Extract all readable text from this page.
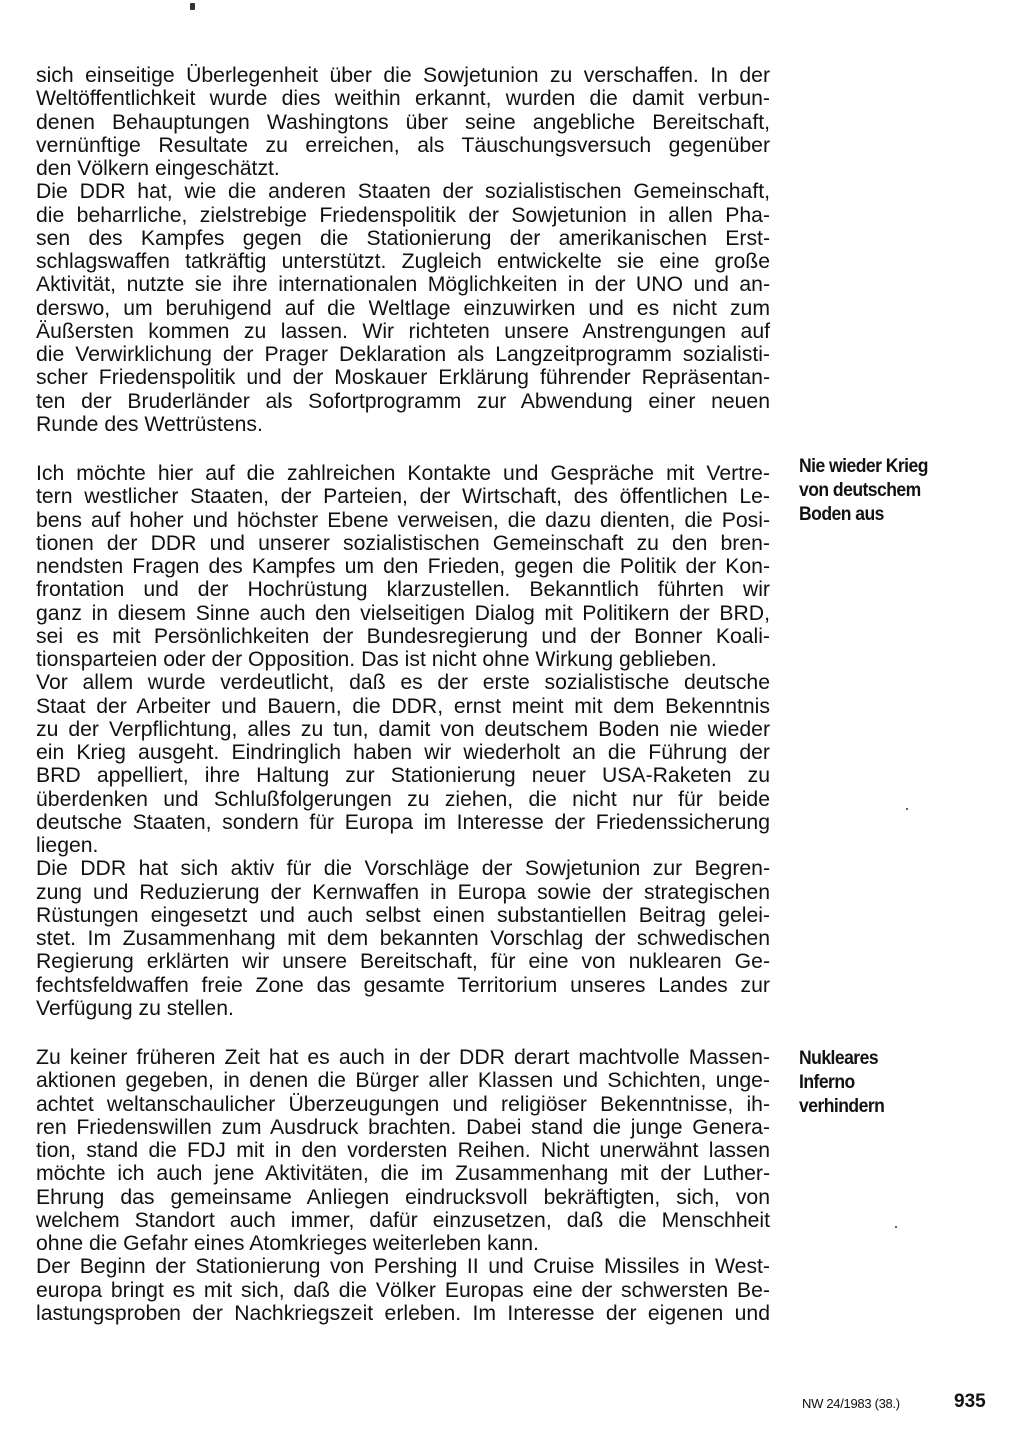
sich einseitige Überlegenheit über die Sowjetunion zu verschaffen. In der
Weltöffentlichkeit wurde dies weithin erkannt, wurden die damit verbun-
denen Behauptungen Washingtons über seine angebliche Bereitschaft,
vernünftige Resultate zu erreichen, als Täuschungsversuch gegenüber
den Völkern eingeschätzt.
Die DDR hat, wie die anderen Staaten der sozialistischen Gemeinschaft,
die beharrliche, zielstrebige Friedenspolitik der Sowjetunion in allen Pha-
sen des Kampfes gegen die Stationierung der amerikanischen Erst-
schlagswaffen tatkräftig unterstützt. Zugleich entwickelte sie eine große
Aktivität, nutzte sie ihre internationalen Möglichkeiten in der UNO und an-
derswo, um beruhigend auf die Weltlage einzuwirken und es nicht zum
Äußersten kommen zu lassen. Wir richteten unsere Anstrengungen auf
die Verwirklichung der Prager Deklaration als Langzeitprogramm sozialisti-
scher Friedenspolitik und der Moskauer Erklärung führender Repräsentan-
ten der Bruderländer als Sofortprogramm zur Abwendung einer neuen
Runde des Wettrüstens.
Ich möchte hier auf die zahlreichen Kontakte und Gespräche mit Vertre-
tern westlicher Staaten, der Parteien, der Wirtschaft, des öffentlichen Le-
bens auf hoher und höchster Ebene verweisen, die dazu dienten, die Posi-
tionen der DDR und unserer sozialistischen Gemeinschaft zu den bren-
nendsten Fragen des Kampfes um den Frieden, gegen die Politik der Kon-
frontation und der Hochrüstung klarzustellen. Bekanntlich führten wir
ganz in diesem Sinne auch den vielseitigen Dialog mit Politikern der BRD,
sei es mit Persönlichkeiten der Bundesregierung und der Bonner Koali-
tionsparteien oder der Opposition. Das ist nicht ohne Wirkung geblieben.
Vor allem wurde verdeutlicht, daß es der erste sozialistische deutsche
Staat der Arbeiter und Bauern, die DDR, ernst meint mit dem Bekenntnis
zu der Verpflichtung, alles zu tun, damit von deutschem Boden nie wieder
ein Krieg ausgeht. Eindringlich haben wir wiederholt an die Führung der
BRD appelliert, ihre Haltung zur Stationierung neuer USA-Raketen zu
überdenken und Schlußfolgerungen zu ziehen, die nicht nur für beide
deutsche Staaten, sondern für Europa im Interesse der Friedenssicherung
liegen.
Die DDR hat sich aktiv für die Vorschläge der Sowjetunion zur Begren-
zung und Reduzierung der Kernwaffen in Europa sowie der strategischen
Rüstungen eingesetzt und auch selbst einen substantiellen Beitrag gelei-
stet. Im Zusammenhang mit dem bekannten Vorschlag der schwedischen
Regierung erklärten wir unsere Bereitschaft, für eine von nuklearen Ge-
fechtsfeldwaffen freie Zone das gesamte Territorium unseres Landes zur
Verfügung zu stellen.
Zu keiner früheren Zeit hat es auch in der DDR derart machtvolle Massen-
aktionen gegeben, in denen die Bürger aller Klassen und Schichten, unge-
achtet weltanschaulicher Überzeugungen und religiöser Bekenntnisse, ih-
ren Friedenswillen zum Ausdruck brachten. Dabei stand die junge Genera-
tion, stand die FDJ mit in den vordersten Reihen. Nicht unerwähnt lassen
möchte ich auch jene Aktivitäten, die im Zusammenhang mit der Luther-
Ehrung das gemeinsame Anliegen eindrucksvoll bekräftigten, sich, von
welchem Standort auch immer, dafür einzusetzen, daß die Menschheit
ohne die Gefahr eines Atomkrieges weiterleben kann.
Der Beginn der Stationierung von Pershing II und Cruise Missiles in West-
europa bringt es mit sich, daß die Völker Europas eine der schwersten Be-
lastungsproben der Nachkriegszeit erleben. Im Interesse der eigenen und
Nie wieder Krieg
von deutschem
Boden aus
Nukleares
Inferno
verhindern
NW 24/1983 (38.)	935
